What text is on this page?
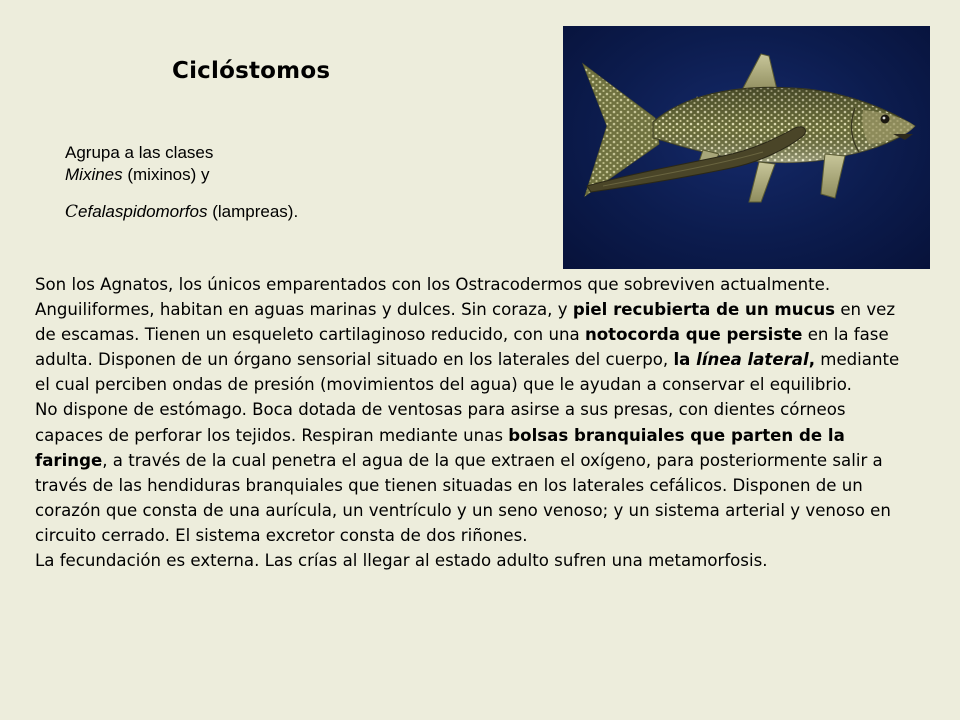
Ciclóstomos

Agrupa a las clases

Mixines (mixinos) y

Cefalaspidomorfos (lampreas).

Son los Agnatos, los únicos emparentados con los Ostracodermos que sobreviven actualmente. Anguiliformes, habitan en aguas marinas y dulces. Sin coraza, y piel recubierta de un mucus en vez de escamas. Tienen un esqueleto cartilaginoso reducido, con una notocorda que persiste en la fase adulta. Disponen de un órgano sensorial situado en los laterales del cuerpo, la línea lateral, mediante el cual perciben ondas de presión (movimientos del agua) que le ayudan a conservar el equilibrio.

No dispone de estómago. Boca dotada de ventosas para asirse a sus presas, con dientes córneos capaces de perforar los tejidos. Respiran mediante unas bolsas branquiales que parten de la faringe, a través de la cual penetra el agua de la que extraen el oxígeno, para posteriormente salir a través de las hendiduras branquiales que tienen situadas en los laterales cefálicos. Disponen de un corazón que consta de una aurícula, un ventrículo y un seno venoso; y un sistema arterial y venoso en circuito cerrado. El sistema excretor consta de dos riñones.

La fecundación es externa. Las crías al llegar al estado adulto sufren una metamorfosis.
